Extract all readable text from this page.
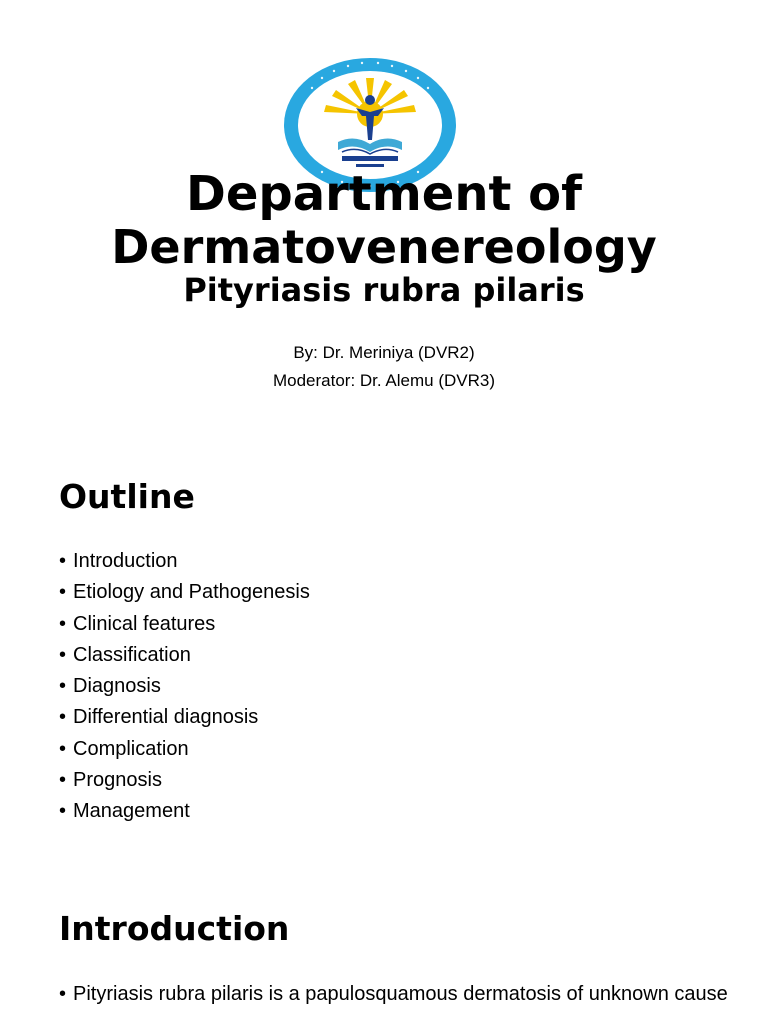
Department of
Dermatovenereology
Pityriasis rubra pilaris
By: Dr. Meriniya (DVR2)
Moderator: Dr. Alemu (DVR3)
Outline
• Introduction
• Etiology and Pathogenesis
• Clinical features
• Classification
• Diagnosis
• Differential diagnosis
• Complication
• Prognosis
• Management
Introduction
• Pityriasis rubra pilaris is a papulosquamous dermatosis of unknown cause
